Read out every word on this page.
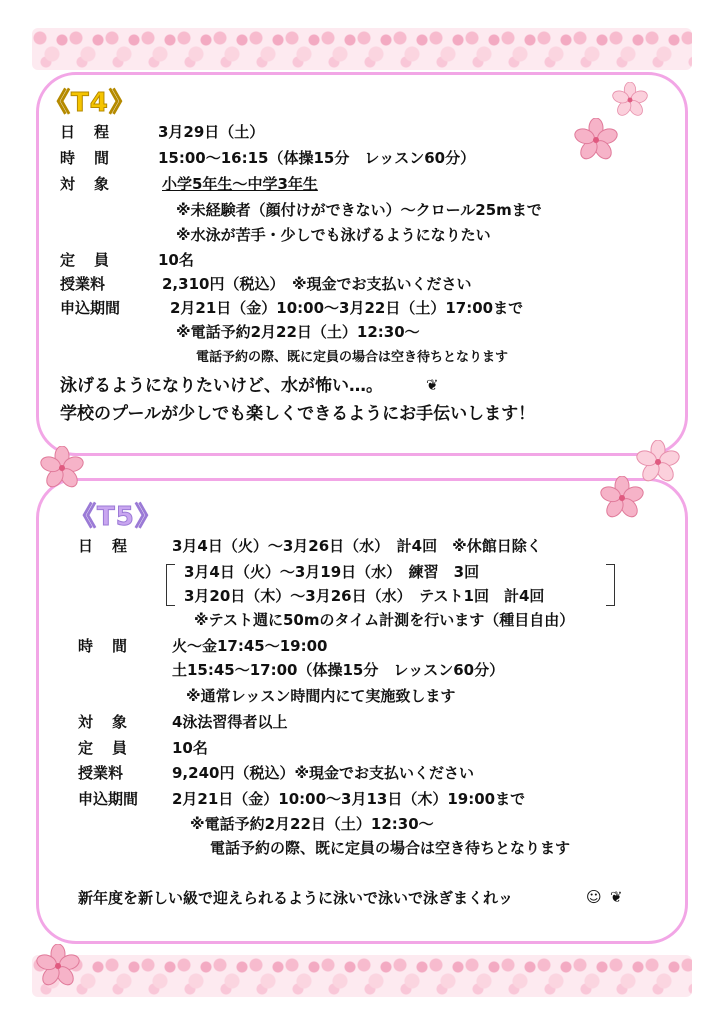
《T4》
日　程	3月29日（土）
時　間	15:00～16:15（体操15分　レッスン60分）
対　象	小学5年生～中学3年生
※未経験者（顔付けができない）～クロール25mまで
※水泳が苦手・少しでも泳げるようになりたい
定　員	10名
授業料	2,310円（税込）　※現金でお支払いください
申込期間	2月21日（金）10:00～3月22日（土）17:00まで
※電話予約2月22日（土）12:30～
電話予約の際、既に定員の場合は空き待ちとなります
泳げるようになりたいけど、水が怖い…。	❦
学校のプールが少しでも楽しくできるようにお手伝いします！
《T5》
日　程	3月4日（火）～3月26日（水）　計4回　※休館日除く
3月4日（火）～3月19日（水）　練習　3回
3月20日（木）～3月26日（水）　テスト1回　計4回
※テスト週に50mのタイム計測を行います（種目自由）
時　間	火～金17:45～19:00
土15:45～17:00（体操15分　レッスン60分）
※通常レッスン時間内にて実施致します
対　象	4泳法習得者以上
定　員	10名
授業料	9,240円（税込）※現金でお支払いください
申込期間 2月21日（金）10:00～3月13日（木）19:00まで
※電話予約2月22日（土）12:30～
電話予約の際、既に定員の場合は空き待ちとなります
新年度を新しい級で迎えられるように泳いで泳いで泳ぎまくれッ	☺ ❦
